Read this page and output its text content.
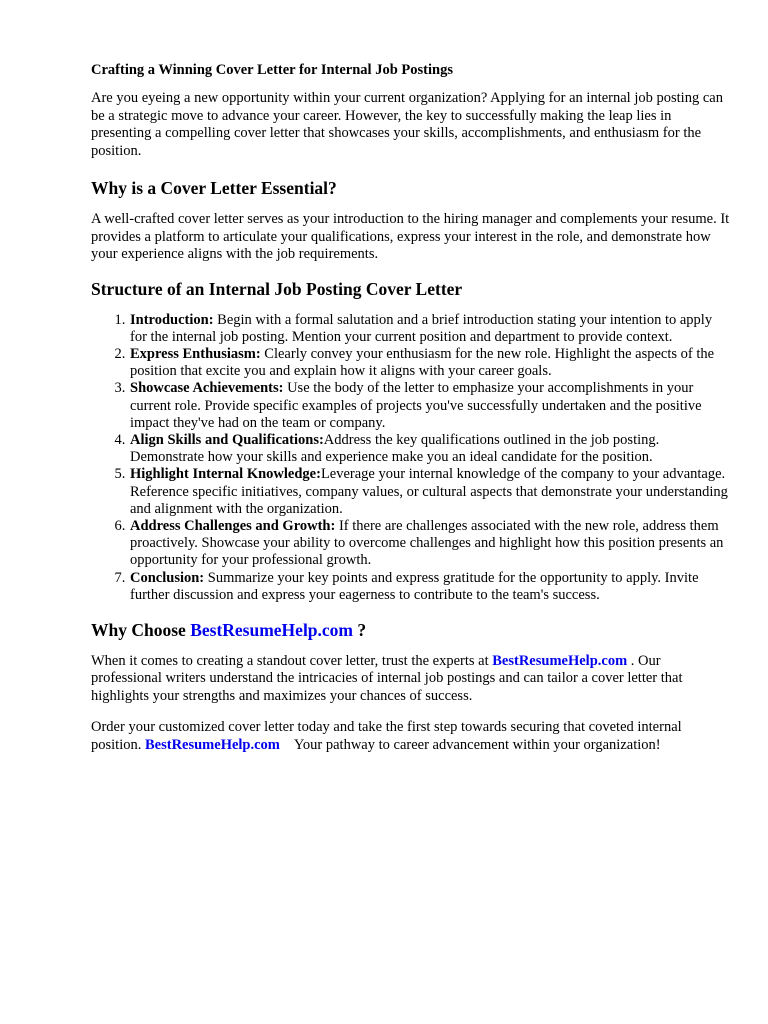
Crafting a Winning Cover Letter for Internal Job Postings

Are you eyeing a new opportunity within your current organization? Applying for an internal job posting can be a strategic move to advance your career. However, the key to successfully making the leap lies in presenting a compelling cover letter that showcases your skills, accomplishments, and enthusiasm for the position.

Why is a Cover Letter Essential?

A well-crafted cover letter serves as your introduction to the hiring manager and complements your resume. It provides a platform to articulate your qualifications, express your interest in the role, and demonstrate how your experience aligns with the job requirements.

Structure of an Internal Job Posting Cover Letter
1. Introduction: Begin with a formal salutation and a brief introduction stating your intention to apply for the internal job posting. Mention your current position and department to provide context.
2. Express Enthusiasm: Clearly convey your enthusiasm for the new role. Highlight the aspects of the position that excite you and explain how it aligns with your career goals.
3. Showcase Achievements: Use the body of the letter to emphasize your accomplishments in your current role. Provide specific examples of projects you've successfully undertaken and the positive impact they've had on the team or company.
4. Align Skills and Qualifications:Address the key qualifications outlined in the job posting. Demonstrate how your skills and experience make you an ideal candidate for the position.
5. Highlight Internal Knowledge:Leverage your internal knowledge of the company to your advantage. Reference specific initiatives, company values, or cultural aspects that demonstrate your understanding and alignment with the organization.
6. Address Challenges and Growth: If there are challenges associated with the new role, address them proactively. Showcase your ability to overcome challenges and highlight how this position presents an opportunity for your professional growth.
7. Conclusion: Summarize your key points and express gratitude for the opportunity to apply. Invite further discussion and express your eagerness to contribute to the team's success.
Why Choose BestResumeHelp.com ?

When it comes to creating a standout cover letter, trust the experts at BestResumeHelp.com . Our professional writers understand the intricacies of internal job postings and can tailor a cover letter that highlights your strengths and maximizes your chances of success.

Order your customized cover letter today and take the first step towards securing that coveted internal position. BestResumeHelp.com Your pathway to career advancement within your organization!
